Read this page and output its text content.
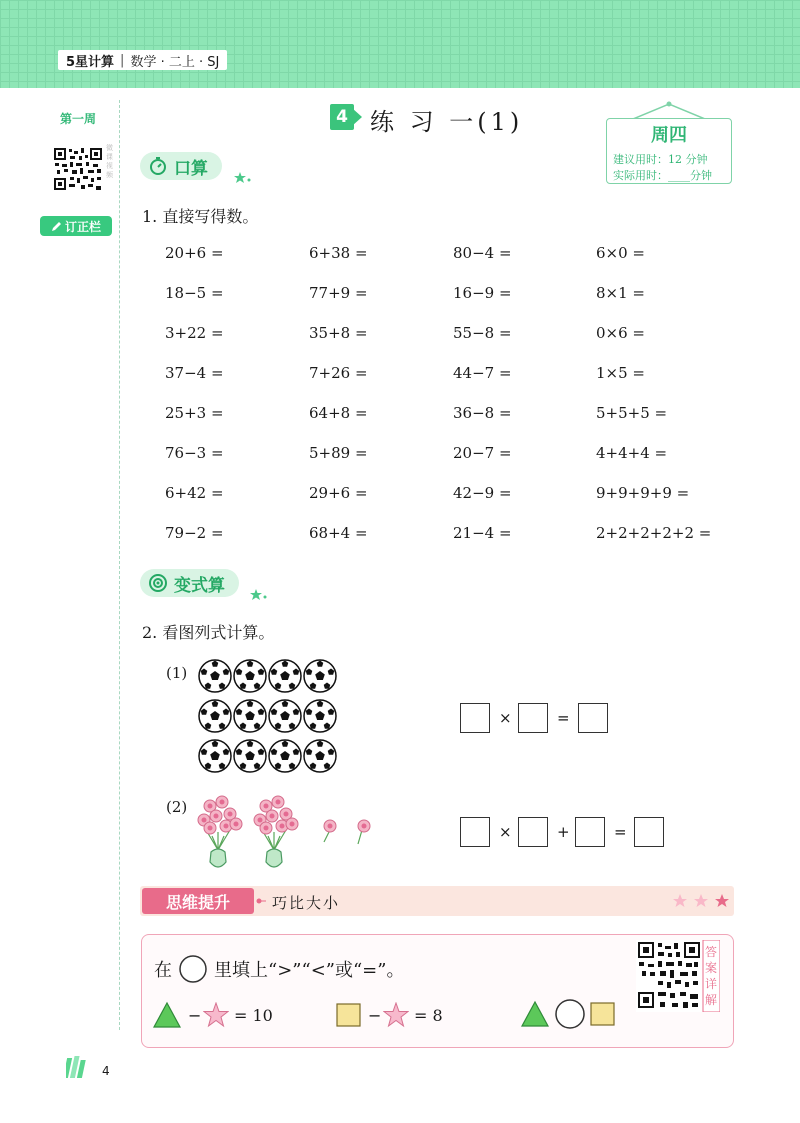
5星计算 | 数学 · 二上 · SJ
第一周
微课视频
订正栏
4 练 习 一(1)	周四
建议用时：12 分钟
实际用时：____分钟
口算
1. 直接写得数。
20+6 =	6+38 =	80−4 =	6×0 =
18−5 =	77+9 =	16−9 =	8×1 =
3+22 =	35+8 =	55−8 =	0×6 =
37−4 =	7+26 =	44−7 =	1×5 =
25+3 =	64+8 =	36−8 =	5+5+5 =
76−3 =	5+89 =	20−7 =	4+4+4 =
6+42 =	29+6 =	42−9 =	9+9+9+9 =
79−2 =	68+4 =	21−4 =	2+2+2+2+2 =
变式算
2. 看图列式计算。
(1)
×	=
(2)
×	+	=
思维提升	巧比大小
在 里填上“>”“<”或“=”。
− = 10	− = 8
答案详解
4
